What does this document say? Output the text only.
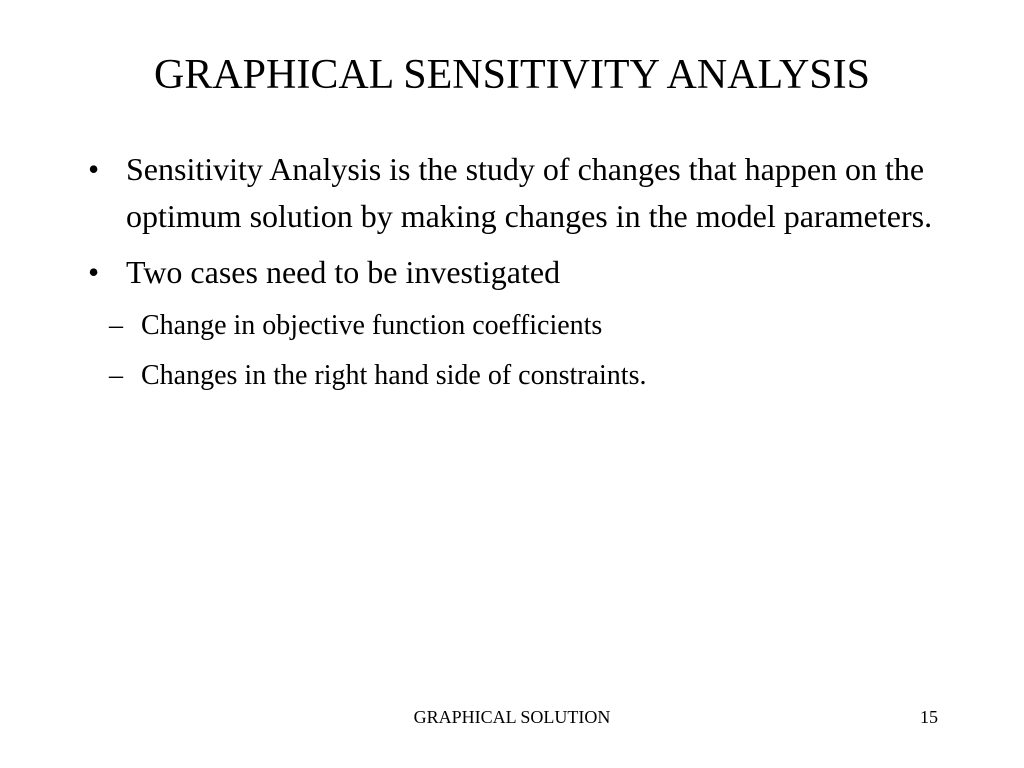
GRAPHICAL SENSITIVITY ANALYSIS
• Sensitivity Analysis is the study of changes that happen on the optimum solution by making changes in the model parameters.
• Two cases need to be investigated
– Change in objective function coefficients
– Changes in the right hand side of constraints.
GRAPHICAL SOLUTION	15
